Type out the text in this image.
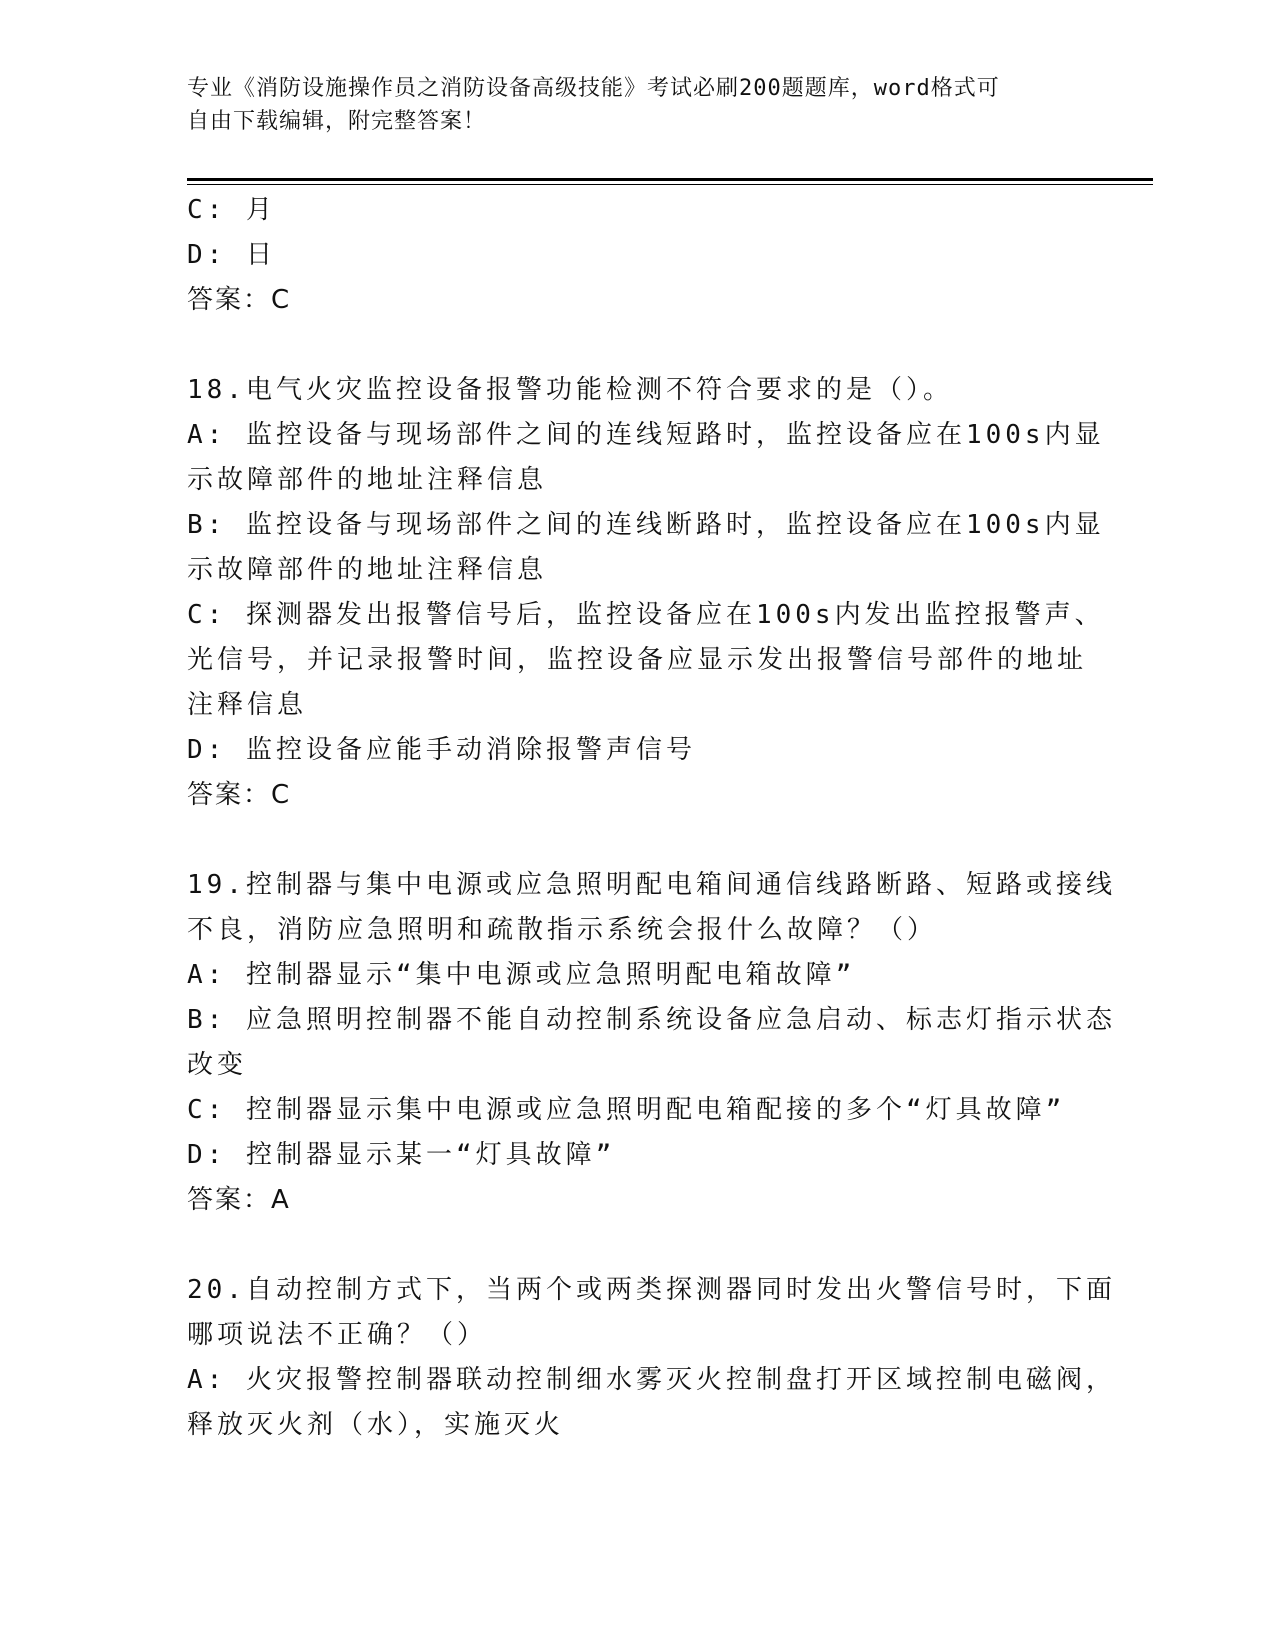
专业《消防设施操作员之消防设备高级技能》考试必刷200题题库，word格式可
自由下载编辑，附完整答案！
C: 月
D: 日
答案：C
18.电气火灾监控设备报警功能检测不符合要求的是（）。
A: 监控设备与现场部件之间的连线短路时，监控设备应在100s内显
示故障部件的地址注释信息
B: 监控设备与现场部件之间的连线断路时，监控设备应在100s内显
示故障部件的地址注释信息
C: 探测器发出报警信号后，监控设备应在100s内发出监控报警声、
光信号，并记录报警时间，监控设备应显示发出报警信号部件的地址
注释信息
D: 监控设备应能手动消除报警声信号
答案：C
19.控制器与集中电源或应急照明配电箱间通信线路断路、短路或接线
不良，消防应急照明和疏散指示系统会报什么故障？（）
A: 控制器显示“集中电源或应急照明配电箱故障”
B: 应急照明控制器不能自动控制系统设备应急启动、标志灯指示状态
改变
C: 控制器显示集中电源或应急照明配电箱配接的多个“灯具故障”
D: 控制器显示某一“灯具故障”
答案：A
20.自动控制方式下，当两个或两类探测器同时发出火警信号时，下面
哪项说法不正确？（）
A: 火灾报警控制器联动控制细水雾灭火控制盘打开区域控制电磁阀，
释放灭火剂（水），实施灭火
